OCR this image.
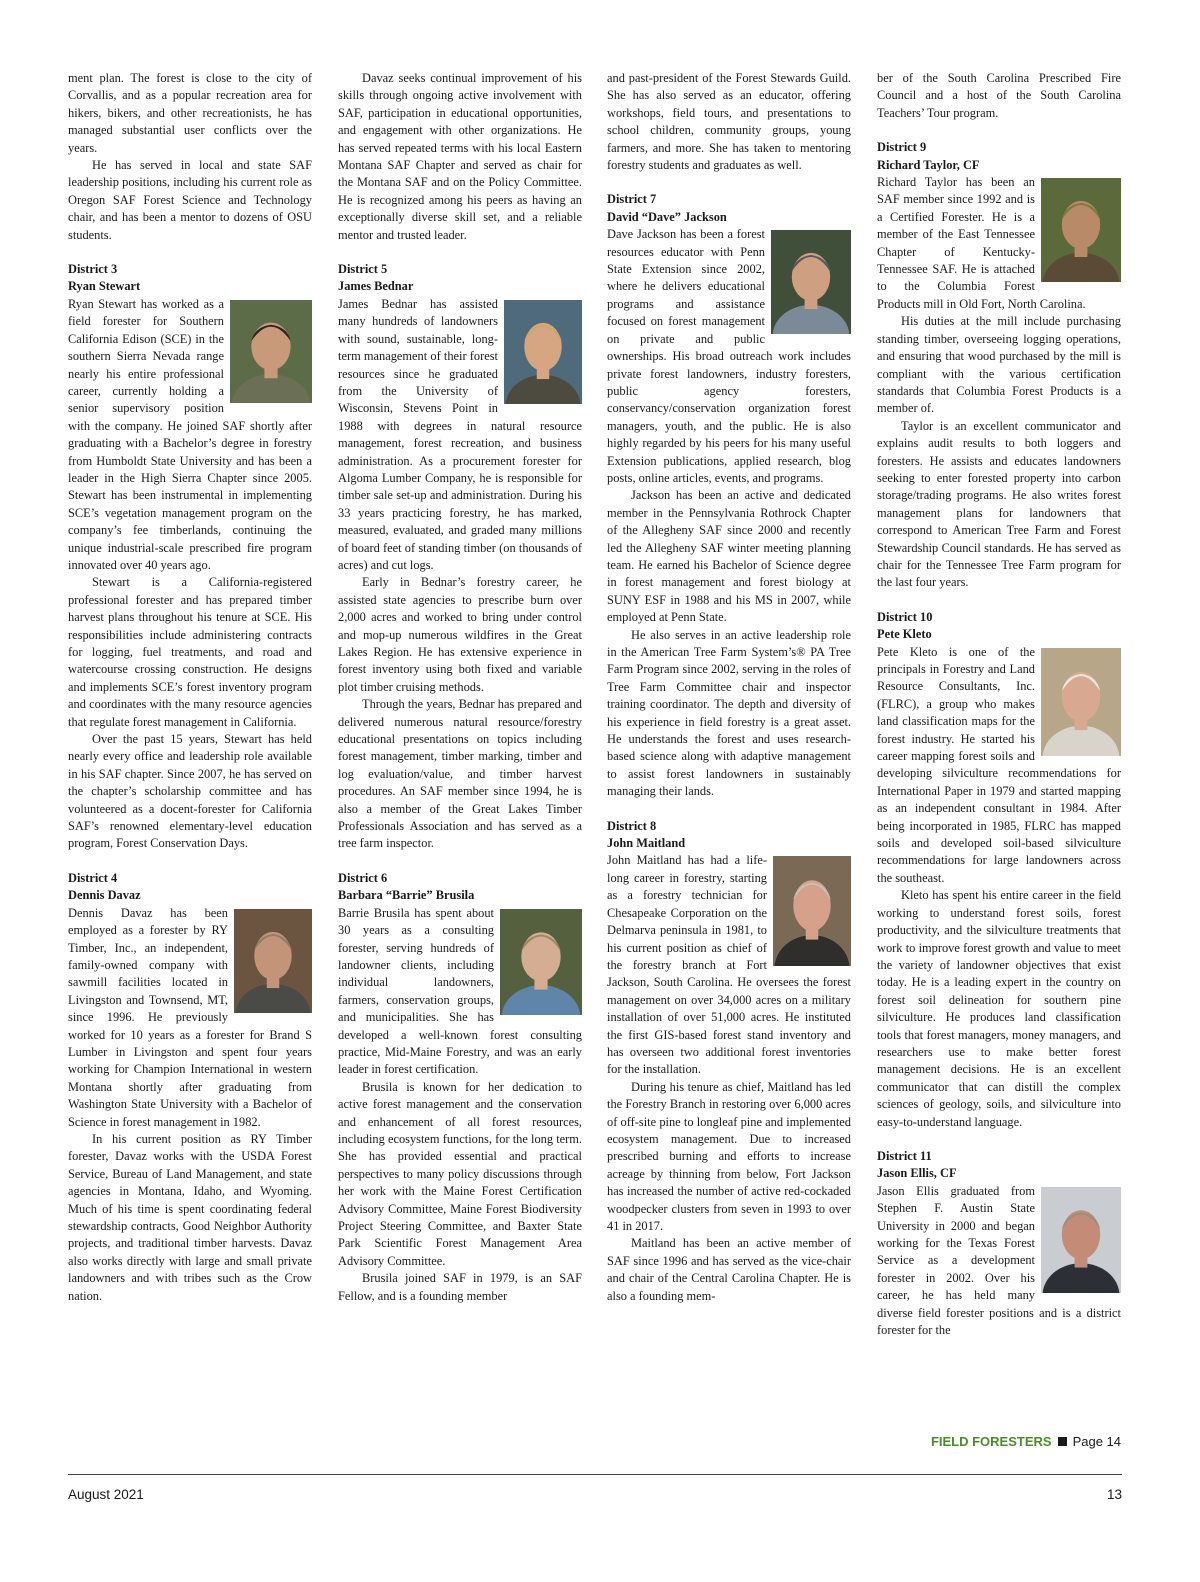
ment plan. The forest is close to the city of Corvallis, and as a popular recreation area for hikers, bikers, and other recreationists, he has managed substantial user conflicts over the years.

He has served in local and state SAF leadership positions, including his current role as Oregon SAF Forest Science and Technology chair, and has been a mentor to dozens of OSU students.

District 3
Ryan Stewart

Ryan Stewart has worked as a field forester for Southern California Edison (SCE) in the southern Sierra Nevada range nearly his entire professional career, currently holding a senior supervisory position with the company. He joined SAF shortly after graduating with a Bachelor’s degree in forestry from Humboldt State University and has been a leader in the High Sierra Chapter since 2005. Stewart has been instrumental in implementing SCE’s vegetation management program on the company’s fee timberlands, continuing the unique industrial-scale prescribed fire program innovated over 40 years ago.

Stewart is a California-registered professional forester and has prepared timber harvest plans throughout his tenure at SCE. His responsibilities include administering contracts for logging, fuel treatments, and road and watercourse crossing construction. He designs and implements SCE’s forest inventory program and coordinates with the many resource agencies that regulate forest management in California.

Over the past 15 years, Stewart has held nearly every office and leadership role available in his SAF chapter. Since 2007, he has served on the chapter’s scholarship committee and has volunteered as a docent-forester for California SAF’s renowned elementary-level education program, Forest Conservation Days.

District 4
Dennis Davaz

Dennis Davaz has been employed as a forester by RY Timber, Inc., an independent, family-owned company with sawmill facilities located in Livingston and Townsend, MT, since 1996. He previously worked for 10 years as a forester for Brand S Lumber in Livingston and spent four years working for Champion International in western Montana shortly after graduating from Washington State University with a Bachelor of Science in forest management in 1982.

In his current position as RY Timber forester, Davaz works with the USDA Forest Service, Bureau of Land Management, and state agencies in Montana, Idaho, and Wyoming. Much of his time is spent coordinating federal stewardship contracts, Good Neighbor Authority projects, and traditional timber harvests. Davaz also works directly with large and small private landowners and with tribes such as the Crow nation.

Davaz seeks continual improvement of his skills through ongoing active involvement with SAF, participation in educational opportunities, and engagement with other organizations. He has served repeated terms with his local Eastern Montana SAF Chapter and served as chair for the Montana SAF and on the Policy Committee. He is recognized among his peers as having an exceptionally diverse skill set, and a reliable mentor and trusted leader.

District 5
James Bednar

James Bednar has assisted many hundreds of landowners with sound, sustainable, long-term management of their forest resources since he graduated from the University of Wisconsin, Stevens Point in 1988 with degrees in natural resource management, forest recreation, and business administration. As a procurement forester for Algoma Lumber Company, he is responsible for timber sale set-up and administration. During his 33 years practicing forestry, he has marked, measured, evaluated, and graded many millions of board feet of standing timber (on thousands of acres) and cut logs.

Early in Bednar’s forestry career, he assisted state agencies to prescribe burn over 2,000 acres and worked to bring under control and mop-up numerous wildfires in the Great Lakes Region. He has extensive experience in forest inventory using both fixed and variable plot timber cruising methods.

Through the years, Bednar has prepared and delivered numerous natural resource/forestry educational presentations on topics including forest management, timber marking, timber and log evaluation/value, and timber harvest procedures. An SAF member since 1994, he is also a member of the Great Lakes Timber Professionals Association and has served as a tree farm inspector.

District 6
Barbara “Barrie” Brusila

Barrie Brusila has spent about 30 years as a consulting forester, serving hundreds of landowner clients, including individual landowners, farmers, conservation groups, and municipalities. She has developed a well-known forest consulting practice, Mid-Maine Forestry, and was an early leader in forest certification.

Brusila is known for her dedication to active forest management and the conservation and enhancement of all forest resources, including ecosystem functions, for the long term. She has provided essential and practical perspectives to many policy discussions through her work with the Maine Forest Certification Advisory Committee, Maine Forest Biodiversity Project Steering Committee, and Baxter State Park Scientific Forest Management Area Advisory Committee.

Brusila joined SAF in 1979, is an SAF Fellow, and is a founding member

and past-president of the Forest Stewards Guild. She has also served as an educator, offering workshops, field tours, and presentations to school children, community groups, young farmers, and more. She has taken to mentoring forestry students and graduates as well.

District 7
David “Dave” Jackson

Dave Jackson has been a forest resources educator with Penn State Extension since 2002, where he delivers educational programs and assistance focused on forest management on private and public ownerships. His broad outreach work includes private forest landowners, industry foresters, public agency foresters, conservancy/conservation organization forest managers, youth, and the public. He is also highly regarded by his peers for his many useful Extension publications, applied research, blog posts, online articles, events, and programs.

Jackson has been an active and dedicated member in the Pennsylvania Rothrock Chapter of the Allegheny SAF since 2000 and recently led the Allegheny SAF winter meeting planning team. He earned his Bachelor of Science degree in forest management and forest biology at SUNY ESF in 1988 and his MS in 2007, while employed at Penn State.

He also serves in an active leadership role in the American Tree Farm System’s® PA Tree Farm Program since 2002, serving in the roles of Tree Farm Committee chair and inspector training coordinator. The depth and diversity of his experience in field forestry is a great asset. He understands the forest and uses research-based science along with adaptive management to assist forest landowners in sustainably managing their lands.

District 8
John Maitland

John Maitland has had a life-long career in forestry, starting as a forestry technician for Chesapeake Corporation on the Delmarva peninsula in 1981, to his current position as chief of the forestry branch at Fort Jackson, South Carolina. He oversees the forest management on over 34,000 acres on a military installation of over 51,000 acres. He instituted the first GIS-based forest stand inventory and has overseen two additional forest inventories for the installation.

During his tenure as chief, Maitland has led the Forestry Branch in restoring over 6,000 acres of off-site pine to longleaf pine and implemented ecosystem management. Due to increased prescribed burning and efforts to increase acreage by thinning from below, Fort Jackson has increased the number of active red-cockaded woodpecker clusters from seven in 1993 to over 41 in 2017.

Maitland has been an active member of SAF since 1996 and has served as the vice-chair and chair of the Central Carolina Chapter. He is also a founding mem-

ber of the South Carolina Prescribed Fire Council and a host of the South Carolina Teachers’ Tour program.

District 9
Richard Taylor, CF

Richard Taylor has been an SAF member since 1992 and is a Certified Forester. He is a member of the East Tennessee Chapter of Kentucky-Tennessee SAF. He is attached to the Columbia Forest Products mill in Old Fort, North Carolina.

His duties at the mill include purchasing standing timber, overseeing logging operations, and ensuring that wood purchased by the mill is compliant with the various certification standards that Columbia Forest Products is a member of.

Taylor is an excellent communicator and explains audit results to both loggers and foresters. He assists and educates landowners seeking to enter forested property into carbon storage/trading programs. He also writes forest management plans for landowners that correspond to American Tree Farm and Forest Stewardship Council standards. He has served as chair for the Tennessee Tree Farm program for the last four years.

District 10
Pete Kleto

Pete Kleto is one of the principals in Forestry and Land Resource Consultants, Inc. (FLRC), a group who makes land classification maps for the forest industry. He started his career mapping forest soils and developing silviculture recommendations for International Paper in 1979 and started mapping as an independent consultant in 1984. After being incorporated in 1985, FLRC has mapped soils and developed soil-based silviculture recommendations for large landowners across the southeast.

Kleto has spent his entire career in the field working to understand forest soils, forest productivity, and the silviculture treatments that work to improve forest growth and value to meet the variety of landowner objectives that exist today. He is a leading expert in the country on forest soil delineation for southern pine silviculture. He produces land classification tools that forest managers, money managers, and researchers use to make better forest management decisions. He is an excellent communicator that can distill the complex sciences of geology, soils, and silviculture into easy-to-understand language.

District 11
Jason Ellis, CF

Jason Ellis graduated from Stephen F. Austin State University in 2000 and began working for the Texas Forest Service as a development forester in 2002. Over his career, he has held many diverse field forester positions and is a district forester for the

FIELD FORESTERS Page 14
August 2021	13
